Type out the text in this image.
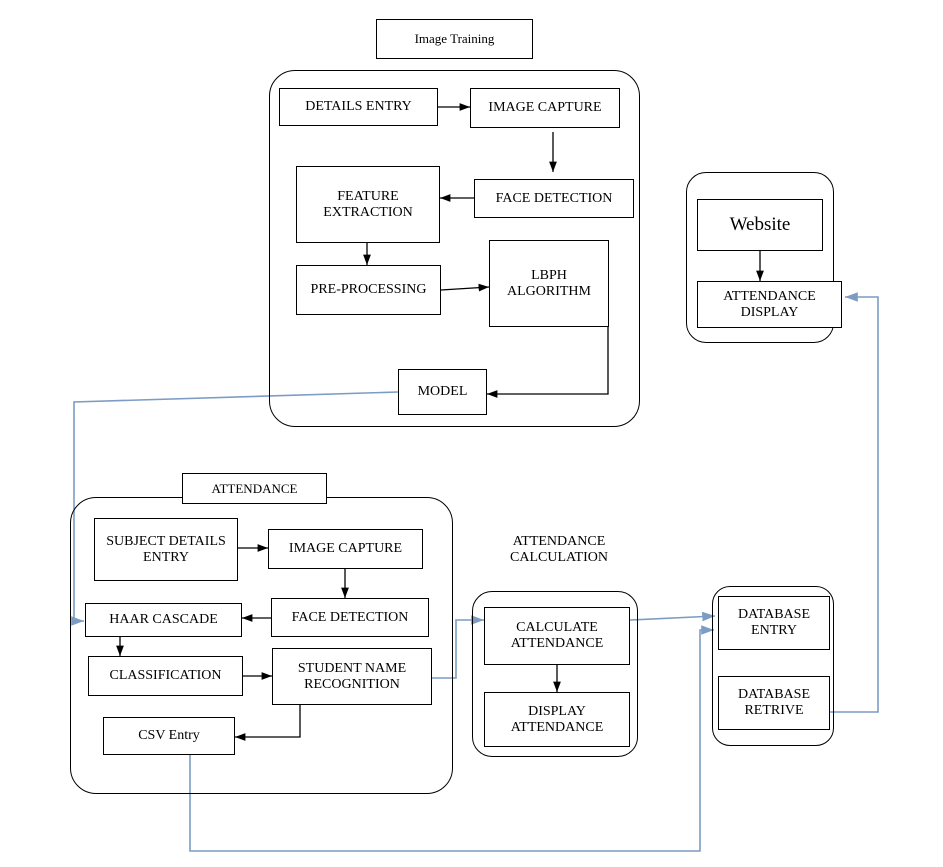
Image Training
DETAILS ENTRY	IMAGE CAPTURE
FACE DETECTION
FEATURE EXTRACTION
PRE-PROCESSING
LBPH ALGORITHM
MODEL
Website
ATTENDANCE DISPLAY
ATTENDANCE
SUBJECT DETAILS ENTRY
IMAGE CAPTURE
FACE DETECTION
HAAR CASCADE
CLASSIFICATION	STUDENT NAME RECOGNITION
CSV Entry
ATTENDANCE CALCULATION
CALCULATE ATTENDANCE
DISPLAY ATTENDANCE
DATABASE ENTRY
DATABASE RETRIVE
